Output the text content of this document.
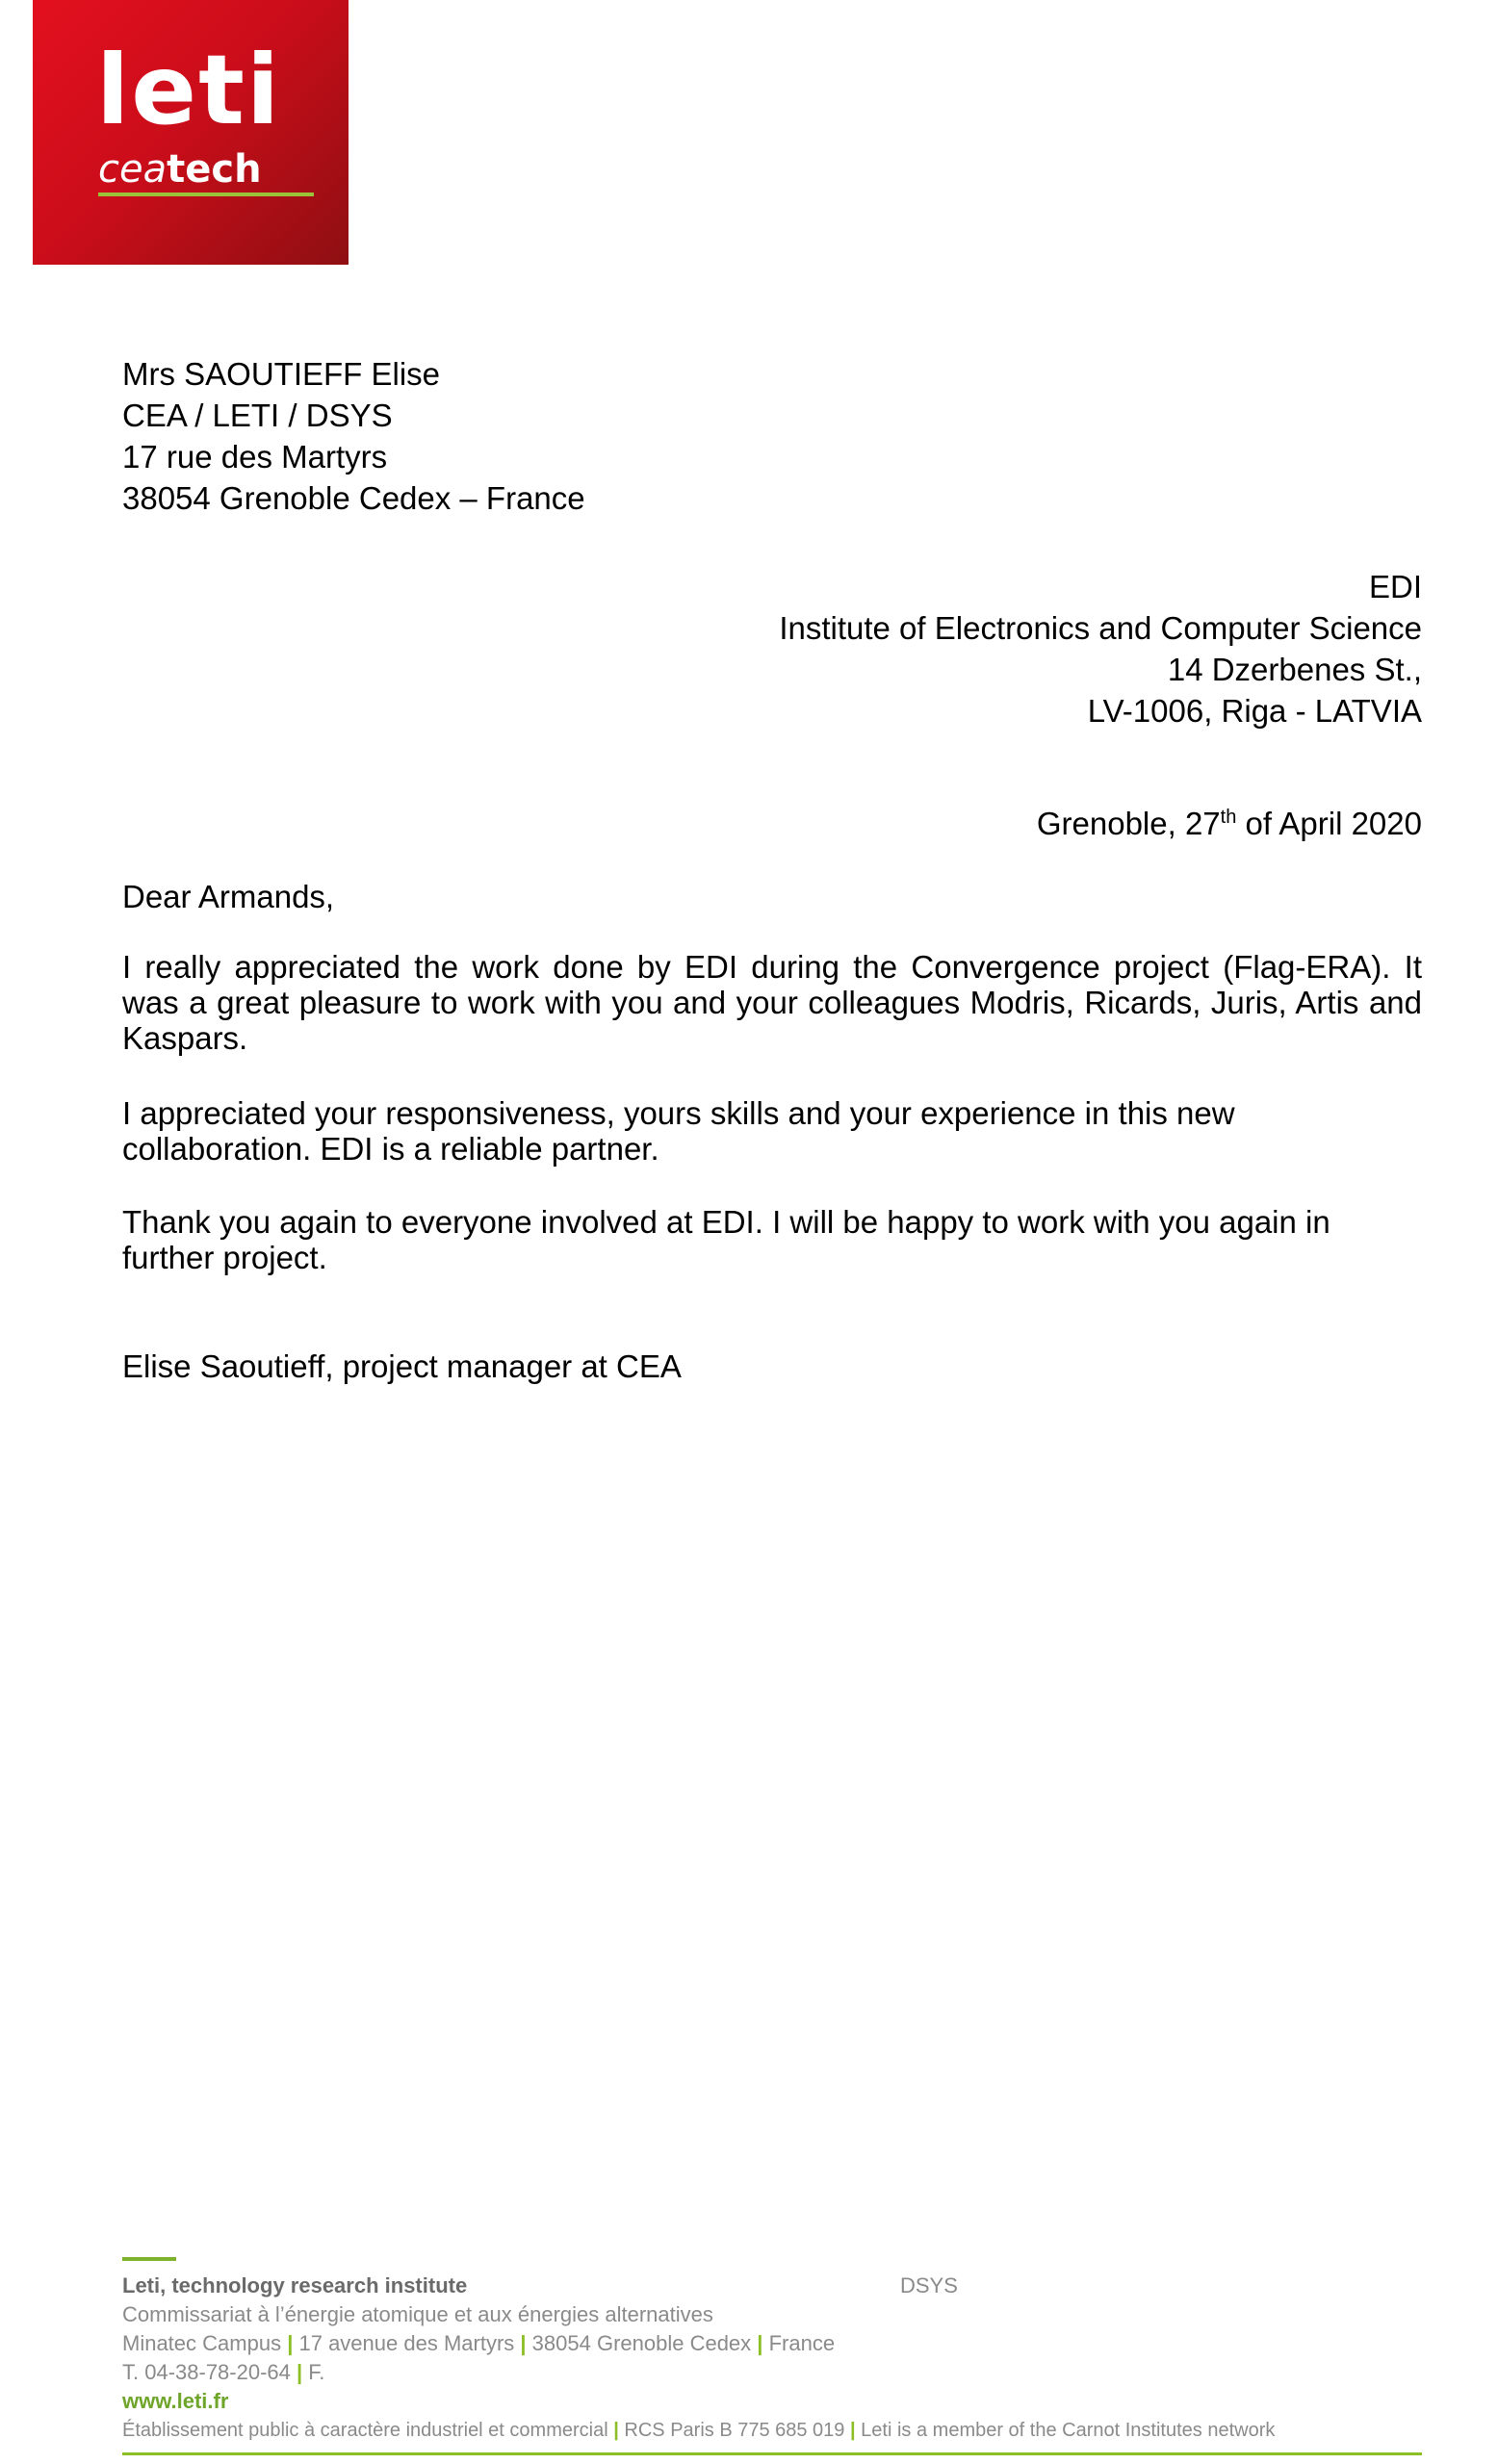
leti
ceatech
Mrs SAOUTIEFF Elise
CEA / LETI / DSYS
17 rue des Martyrs
38054 Grenoble Cedex – France
EDI
Institute of Electronics and Computer Science
14 Dzerbenes St.,
LV-1006, Riga - LATVIA
Grenoble, 27th of April 2020
Dear Armands,
I really appreciated the work done by EDI during the Convergence project (Flag-ERA). It was a great pleasure to work with you and your colleagues Modris, Ricards, Juris, Artis and Kaspars.
I appreciated your responsiveness, yours skills and your experience in this new collaboration. EDI is a reliable partner.
Thank you again to everyone involved at EDI. I will be happy to work with you again in further project.
Elise Saoutieff, project manager at CEA
Leti, technology research institute	DSYS
Commissariat à l’énergie atomique et aux énergies alternatives
Minatec Campus | 17 avenue des Martyrs | 38054 Grenoble Cedex | France
T. 04-38-78-20-64 | F.
www.leti.fr
Établissement public à caractère industriel et commercial | RCS Paris B 775 685 019 | Leti is a member of the Carnot Institutes network
